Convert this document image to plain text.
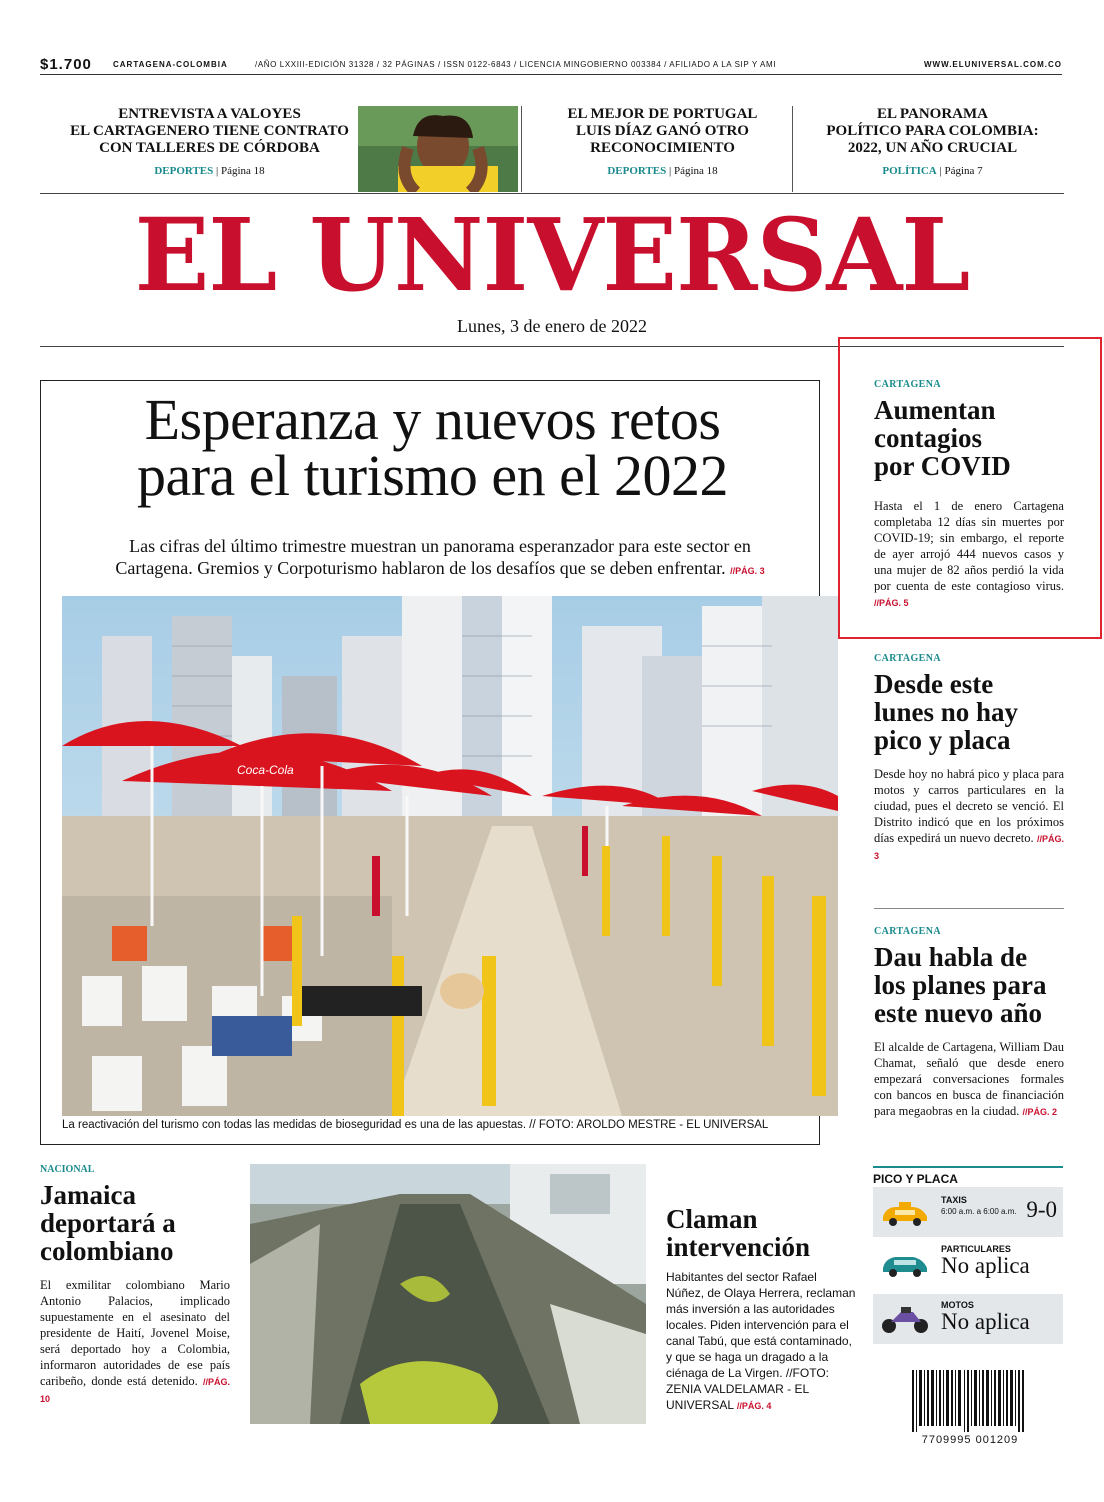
$1.700	CARTAGENA-COLOMBIA	/AÑO LXXIII-EDICIÓN 31328 / 32 PÁGINAS / ISSN 0122-6843 / LICENCIA MINGOBIERNO 003384 / AFILIADO A LA SIP Y AMI	WWW.ELUNIVERSAL.COM.CO
ENTREVISTA A VALOYES
EL CARTAGENERO TIENE CONTRATO
CON TALLERES DE CÓRDOBA
DEPORTES | Página 18
EL MEJOR DE PORTUGAL
LUIS DÍAZ GANÓ OTRO
RECONOCIMIENTO
DEPORTES | Página 18
EL PANORAMA
POLÍTICO PARA COLOMBIA:
2022, UN AÑO CRUCIAL
POLÍTICA | Página 7
EL UNIVERSAL
Lunes, 3 de enero de 2022
Esperanza y nuevos retos
para el turismo en el 2022
Las cifras del último trimestre muestran un panorama esperanzador para este sector en
Cartagena. Gremios y Corpoturismo hablaron de los desafíos que se deben enfrentar. //PÁG. 3
Coca-Cola
La reactivación del turismo con todas las medidas de bioseguridad es una de las apuestas. // FOTO: AROLDO MESTRE - EL UNIVERSAL
CARTAGENA
Aumentan
contagios
por COVID
Hasta el 1 de enero Cartagena completaba 12 días sin muertes por COVID-19; sin embargo, el reporte de ayer arrojó 444 nuevos casos y una mujer de 82 años perdió la vida por cuenta de este contagioso virus. //PÁG. 5
CARTAGENA
Desde este
lunes no hay
pico y placa
Desde hoy no habrá pico y placa para motos y carros particulares en la ciudad, pues el decreto se venció. El Distrito indicó que en los próximos días expedirá un nuevo decreto. //PÁG. 3
CARTAGENA
Dau habla de
los planes para
este nuevo año
El alcalde de Cartagena, William Dau Chamat, señaló que desde enero empezará conversaciones formales con bancos en busca de financiación para megaobras en la ciudad. //PÁG. 2
PICO Y PLACA
TAXIS
6:00 a.m. a 6:00 a.m. 9-0
PARTICULARES
No aplica
MOTOS
No aplica
7709995 001209
NACIONAL
Jamaica
deportará a
colombiano
El exmilitar colombiano Mario Antonio Palacios, implicado supuestamente en el asesinato del presidente de Haití, Jovenel Moise, será deportado hoy a Colombia, informaron autoridades de ese país caribeño, donde está detenido. //PÁG. 10
Claman
intervención
Habitantes del sector Rafael Núñez, de Olaya Herrera, reclaman más inversión a las autoridades locales. Piden intervención para el canal Tabú, que está contaminado, y que se haga un dragado a la ciénaga de La Virgen. //FOTO: ZENIA VALDELAMAR - EL UNIVERSAL //PÁG. 4
